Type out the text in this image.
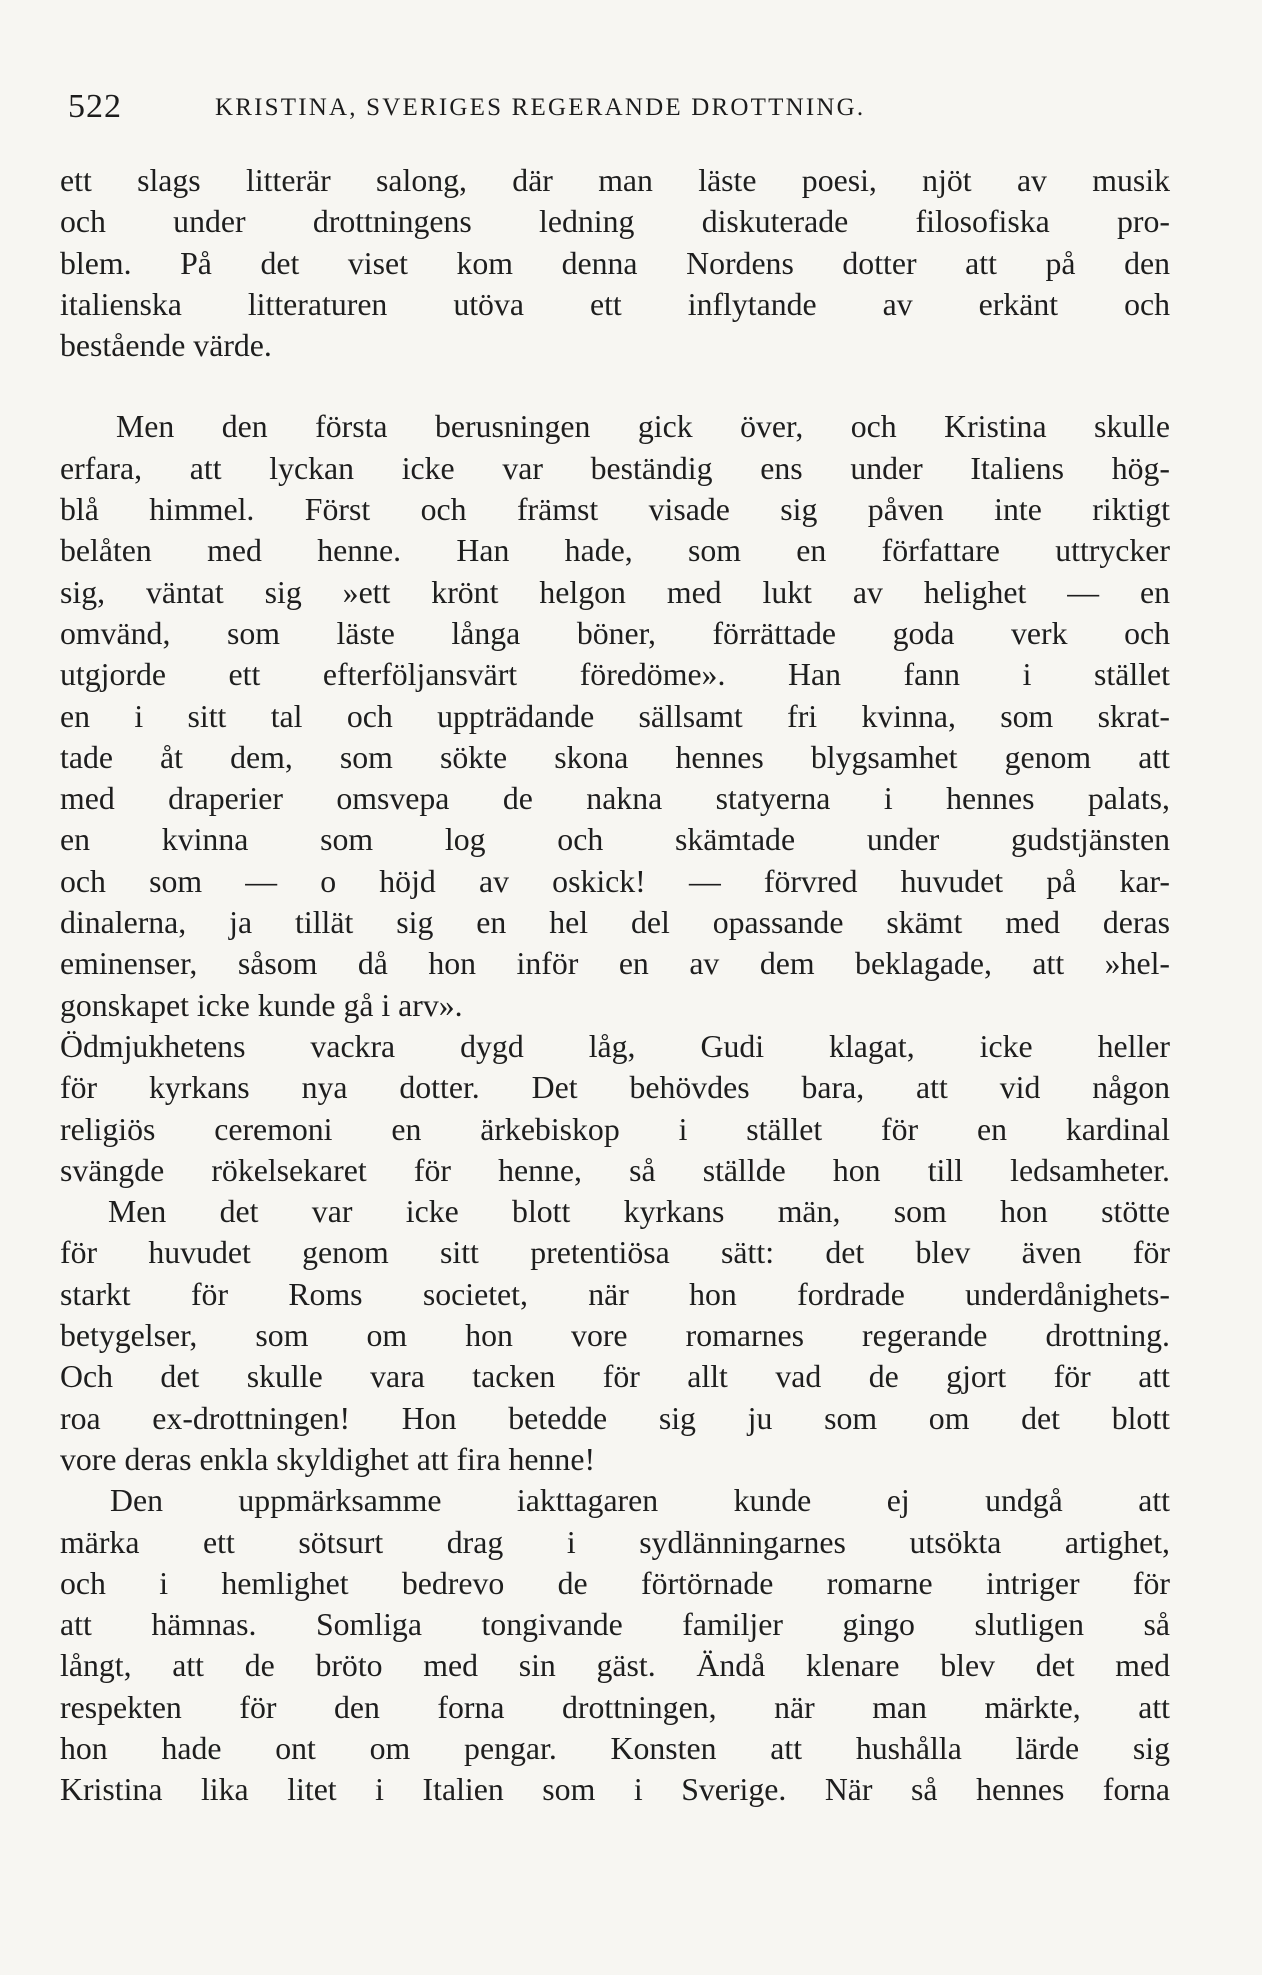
522	KRISTINA, SVERIGES REGERANDE DROTTNING.
ett slags litterär salong, där man läste poesi, njöt av musik
och under drottningens ledning diskuterade filosofiska pro-
blem. På det viset kom denna Nordens dotter att på den
italienska litteraturen utöva ett inflytande av erkänt och
bestående värde.
Men den första berusningen gick över, och Kristina skulle
erfara, att lyckan icke var beständig ens under Italiens hög-
blå himmel. Först och främst visade sig påven inte riktigt
belåten med henne. Han hade, som en författare uttrycker
sig, väntat sig »ett krönt helgon med lukt av helighet — en
omvänd, som läste långa böner, förrättade goda verk och
utgjorde ett efterföljansvärt föredöme». Han fann i stället
en i sitt tal och uppträdande sällsamt fri kvinna, som skrat-
tade åt dem, som sökte skona hennes blygsamhet genom att
med draperier omsvepa de nakna statyerna i hennes palats,
en kvinna som log och skämtade under gudstjänsten
och som — o höjd av oskick! — förvred huvudet på kar-
dinalerna, ja tillät sig en hel del opassande skämt med deras
eminenser, såsom då hon inför en av dem beklagade, att »hel-
gonskapet icke kunde gå i arv».
Ödmjukhetens vackra dygd låg, Gudi klagat, icke heller
för kyrkans nya dotter. Det behövdes bara, att vid någon
religiös ceremoni en ärkebiskop i stället för en kardinal
svängde rökelsekaret för henne, så ställde hon till ledsamheter.
Men det var icke blott kyrkans män, som hon stötte
för huvudet genom sitt pretentiösa sätt: det blev även för
starkt för Roms societet, när hon fordrade underdånighets-
betygelser, som om hon vore romarnes regerande drottning.
Och det skulle vara tacken för allt vad de gjort för att
roa ex-drottningen! Hon betedde sig ju som om det blott
vore deras enkla skyldighet att fira henne!
Den uppmärksamme iakttagaren kunde ej undgå att
märka ett sötsurt drag i sydlänningarnes utsökta artighet,
och i hemlighet bedrevo de förtörnade romarne intriger för
att hämnas. Somliga tongivande familjer gingo slutligen så
långt, att de bröto med sin gäst. Ändå klenare blev det med
respekten för den forna drottningen, när man märkte, att
hon hade ont om pengar. Konsten att hushålla lärde sig
Kristina lika litet i Italien som i Sverige. När så hennes forna
